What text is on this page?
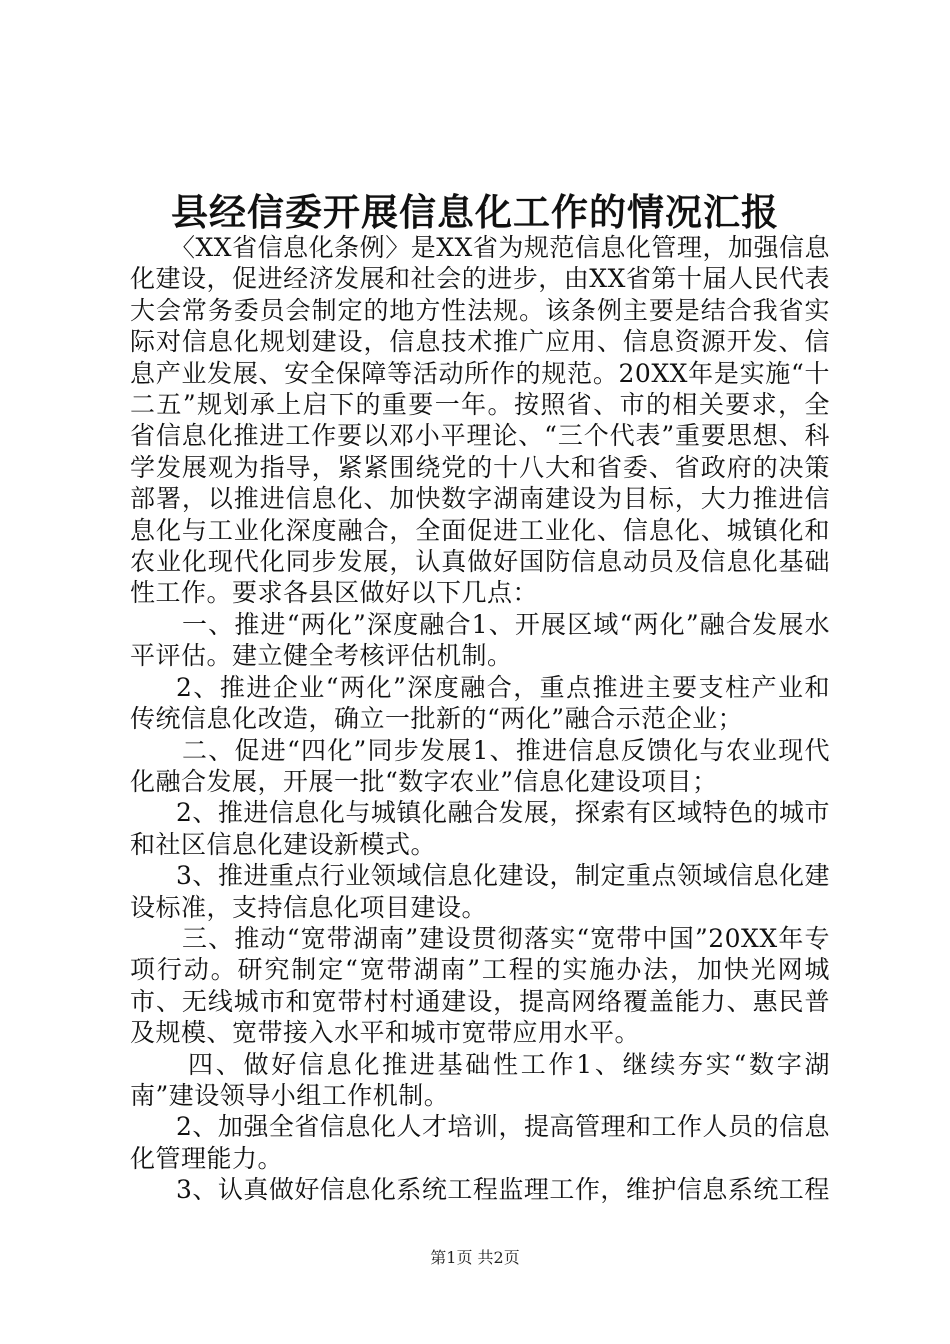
县经信委开展信息化工作的情况汇报

〈XX省信息化条例〉是XX省为规范信息化管理，加强信息化建设，促进经济发展和社会的进步，由XX省第十届人民代表大会常务委员会制定的地方性法规。该条例主要是结合我省实际对信息化规划建设，信息技术推广应用、信息资源开发、信息产业发展、安全保障等活动所作的规范。20XX年是实施“十二五”规划承上启下的重要一年。按照省、市的相关要求，全省信息化推进工作要以邓小平理论、“三个代表”重要思想、科学发展观为指导，紧紧围绕党的十八大和省委、省政府的决策部署，以推进信息化、加快数字湖南建设为目标，大力推进信息化与工业化深度融合，全面促进工业化、信息化、城镇化和农业化现代化同步发展，认真做好国防信息动员及信息化基础性工作。要求各县区做好以下几点：

一、推进“两化”深度融合1、开展区域“两化”融合发展水平评估。建立健全考核评估机制。

2、推进企业“两化”深度融合，重点推进主要支柱产业和传统信息化改造，确立一批新的“两化”融合示范企业；

二、促进“四化”同步发展1、推进信息反馈化与农业现代化融合发展，开展一批“数字农业”信息化建设项目；

2、推进信息化与城镇化融合发展，探索有区域特色的城市和社区信息化建设新模式。

3、推进重点行业领域信息化建设，制定重点领域信息化建设标准，支持信息化项目建设。

三、推动“宽带湖南”建设贯彻落实“宽带中国”20XX年专项行动。研究制定“宽带湖南”工程的实施办法，加快光网城市、无线城市和宽带村村通建设，提高网络覆盖能力、惠民普及规模、宽带接入水平和城市宽带应用水平。

四、做好信息化推进基础性工作1、继续夯实“数字湖南”建设领导小组工作机制。

2、加强全省信息化人才培训，提高管理和工作人员的信息化管理能力。

3、认真做好信息化系统工程监理工作，维护信息系统工程

第1页 共2页
